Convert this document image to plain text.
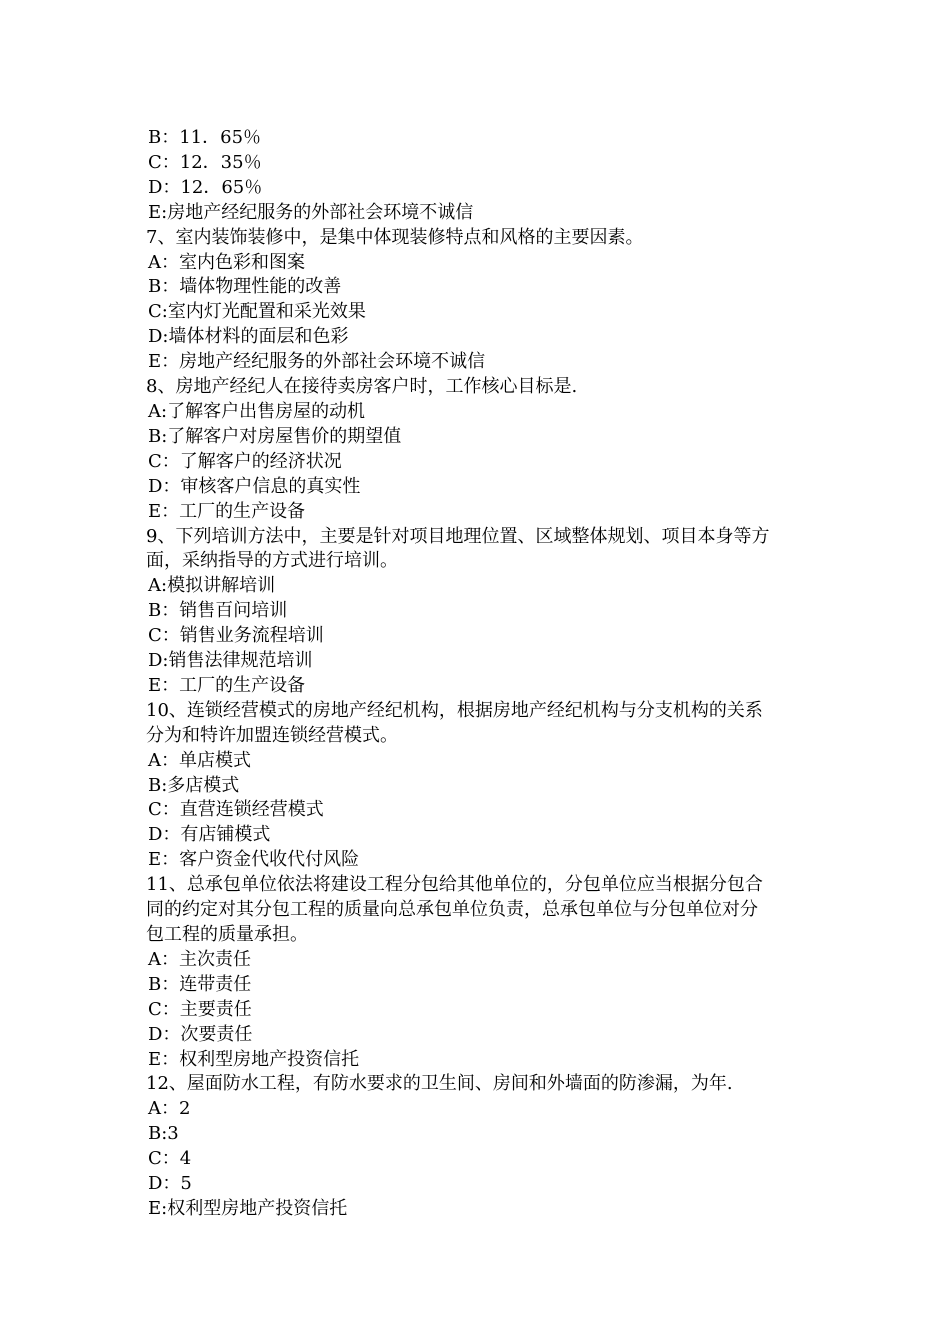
B：11．65％
C：12．35％
D：12．65％
E:房地产经纪服务的外部社会环境不诚信
7、室内装饰装修中，是集中体现装修特点和风格的主要因素。
A：室内色彩和图案
B：墙体物理性能的改善
C:室内灯光配置和采光效果
D:墙体材料的面层和色彩
E：房地产经纪服务的外部社会环境不诚信
8、房地产经纪人在接待卖房客户时，工作核心目标是.
A:了解客户出售房屋的动机
B:了解客户对房屋售价的期望值
C：了解客户的经济状况
D：审核客户信息的真实性
E：工厂的生产设备
9、下列培训方法中，主要是针对项目地理位置、区域整体规划、项目本身等方
面，采纳指导的方式进行培训。
A:模拟讲解培训
B：销售百问培训
C：销售业务流程培训
D:销售法律规范培训
E：工厂的生产设备
10、连锁经营模式的房地产经纪机构，根据房地产经纪机构与分支机构的关系
分为和特许加盟连锁经营模式。
A：单店模式
B:多店模式
C：直营连锁经营模式
D：有店铺模式
E：客户资金代收代付风险
11、总承包单位依法将建设工程分包给其他单位的，分包单位应当根据分包合
同的约定对其分包工程的质量向总承包单位负责，总承包单位与分包单位对分
包工程的质量承担。
A：主次责任
B：连带责任
C：主要责任
D：次要责任
E：权利型房地产投资信托
12、屋面防水工程，有防水要求的卫生间、房间和外墙面的防渗漏，为年.
A：2
B:3
C：4
D：5
E:权利型房地产投资信托
